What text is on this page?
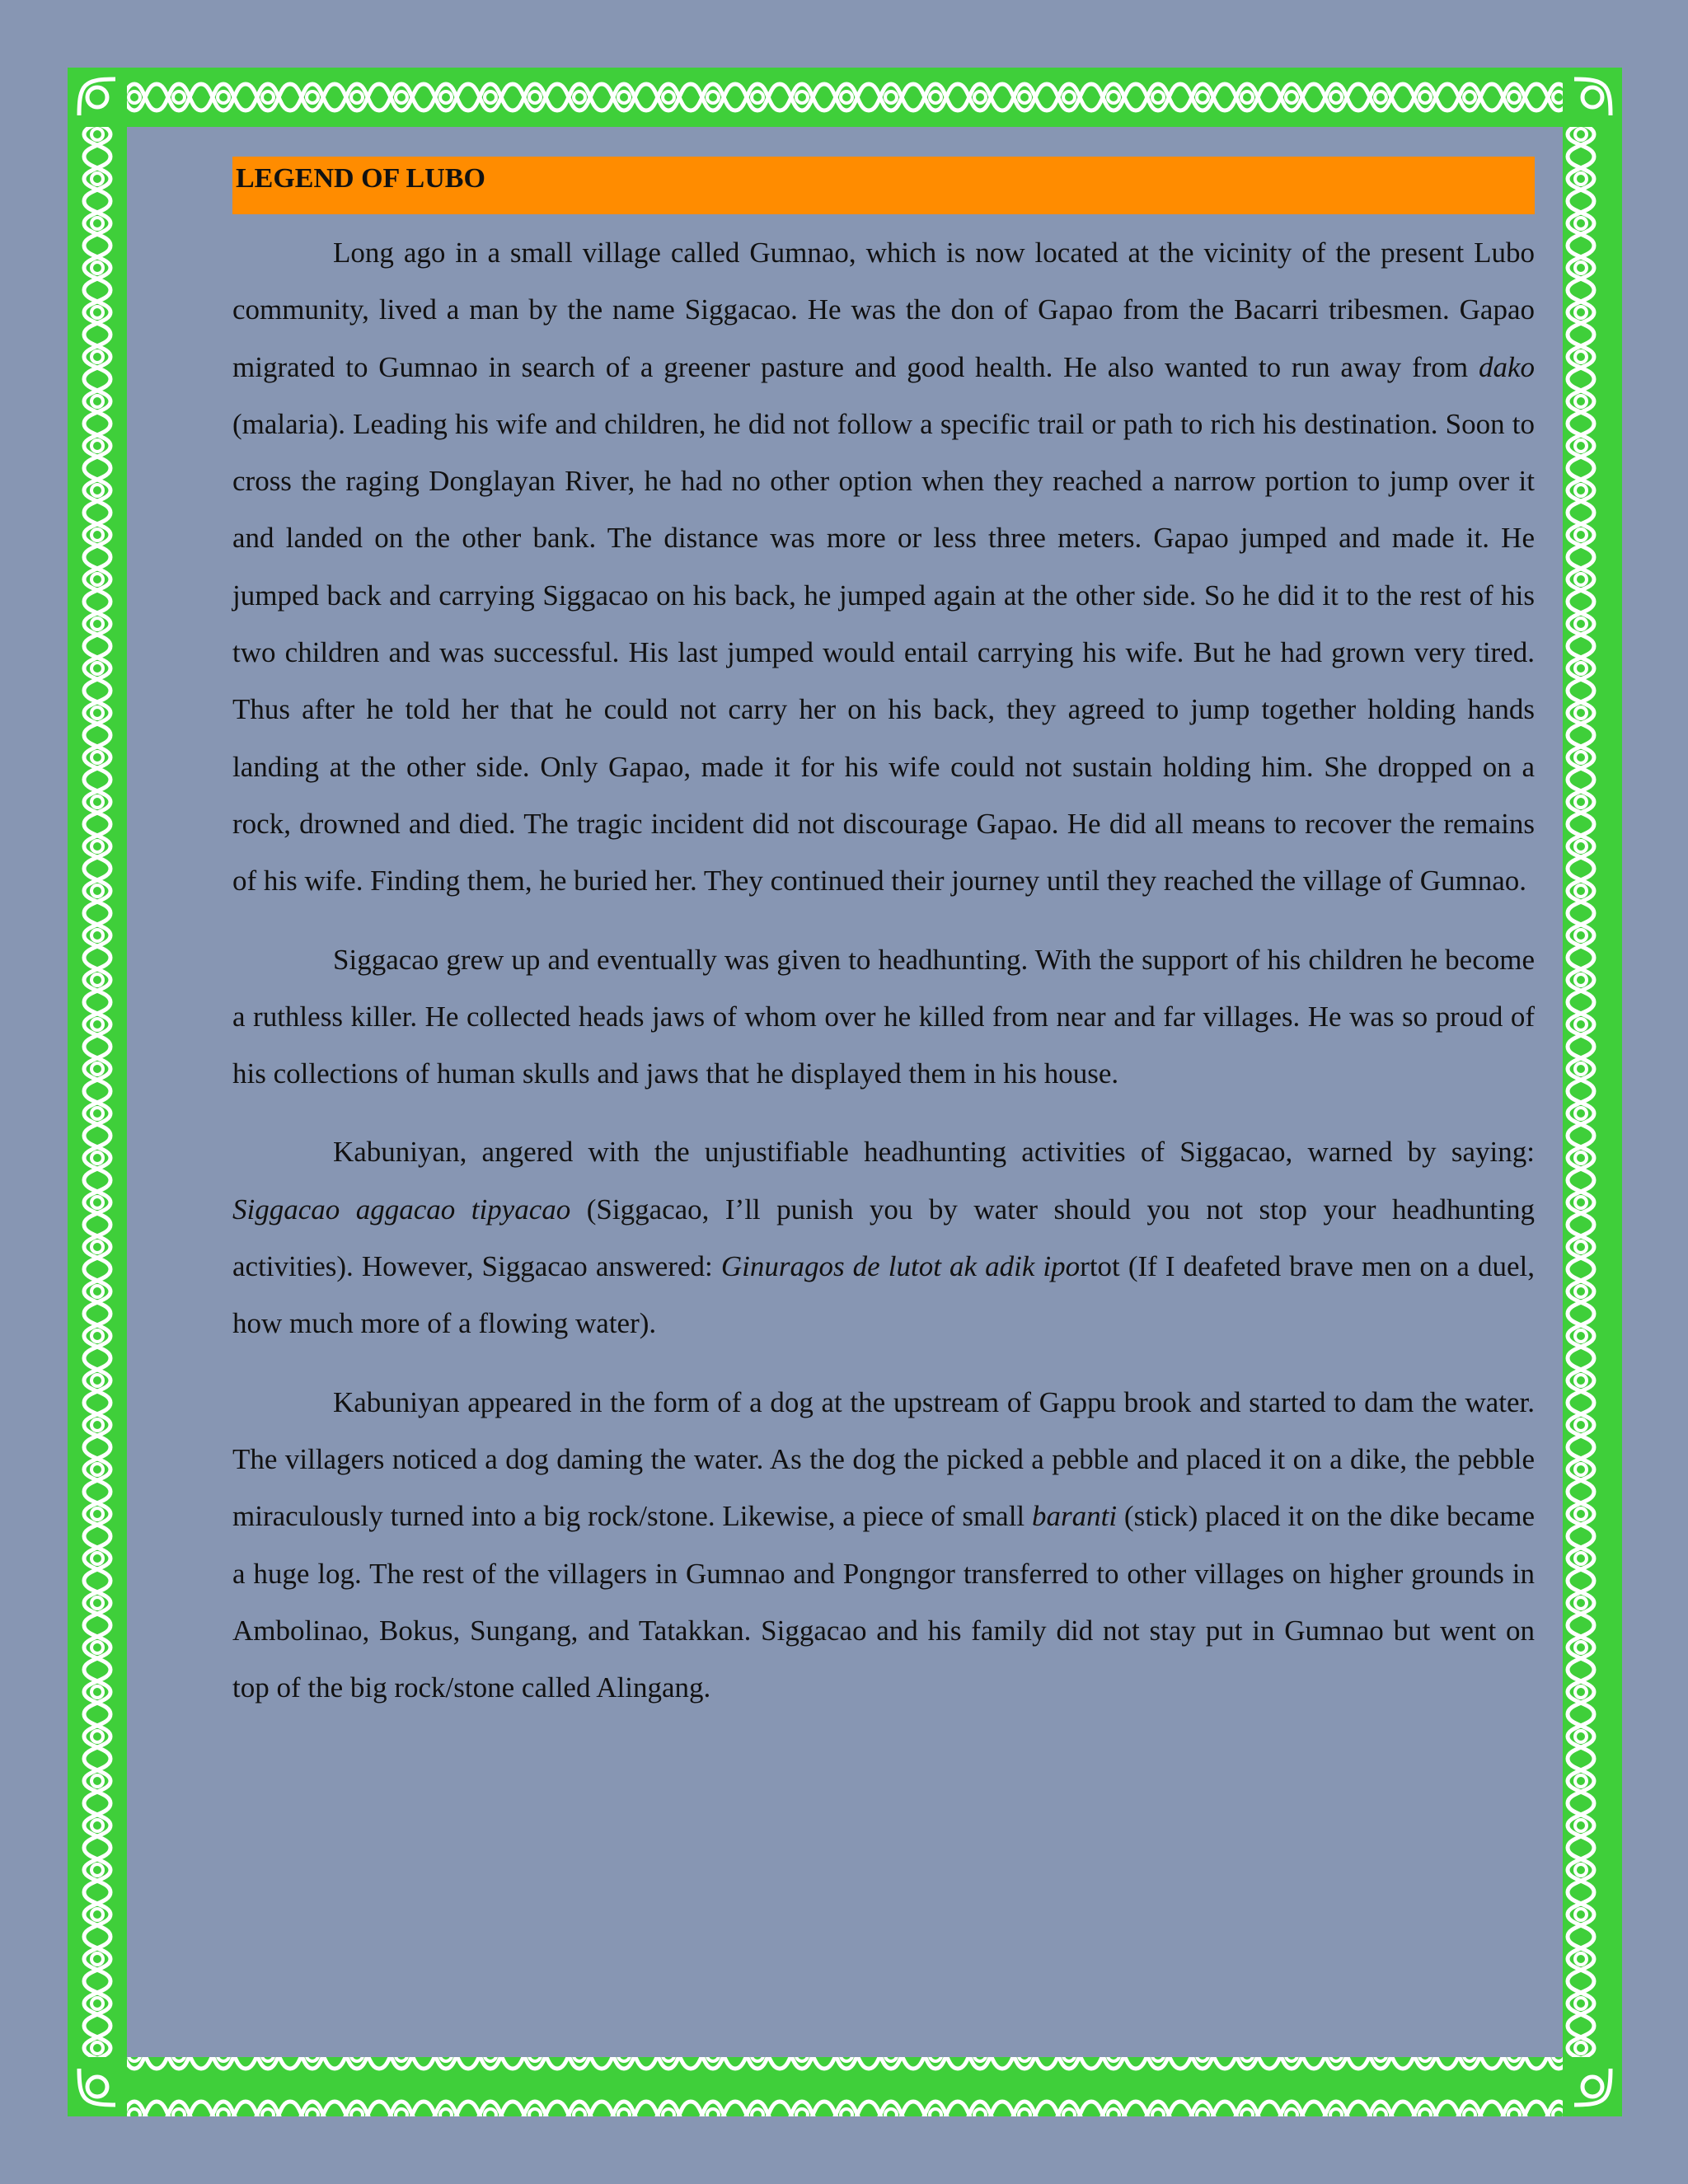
LEGEND OF LUBO

Long ago in a small village called Gumnao, which is now located at the vicinity of the present Lubo community, lived a man by the name Siggacao. He was the don of Gapao from the Bacarri tribesmen. Gapao migrated to Gumnao in search of a greener pasture and good health. He also wanted to run away from dako (malaria). Leading his wife and children, he did not follow a specific trail or path to rich his destination. Soon to cross the raging Donglayan River, he had no other option when they reached a narrow portion to jump over it and landed on the other bank. The distance was more or less three meters. Gapao jumped and made it. He jumped back and carrying Siggacao on his back, he jumped again at the other side. So he did it to the rest of his two children and was successful. His last jumped would entail carrying his wife. But he had grown very tired. Thus after he told her that he could not carry her on his back, they agreed to jump together holding hands landing at the other side. Only Gapao, made it for his wife could not sustain holding him. She dropped on a rock, drowned and died. The tragic incident did not discourage Gapao. He did all means to recover the remains of his wife. Finding them, he buried her. They continued their journey until they reached the village of Gumnao.

Siggacao grew up and eventually was given to headhunting. With the support of his children he become a ruthless killer. He collected heads jaws of whom over he killed from near and far villages. He was so proud of his collections of human skulls and jaws that he displayed them in his house.

Kabuniyan, angered with the unjustifiable headhunting activities of Siggacao, warned by saying: Siggacao aggacao tipyacao (Siggacao, I’ll punish you by water should you not stop your headhunting activities). However, Siggacao answered: Ginuragos de lutot ak adik iportot (If I deafeted brave men on a duel, how much more of a flowing water).

Kabuniyan appeared in the form of a dog at the upstream of Gappu brook and started to dam the water. The villagers noticed a dog daming the water. As the dog the picked a pebble and placed it on a dike, the pebble miraculously turned into a big rock/stone. Likewise, a piece of small baranti (stick) placed it on the dike became a huge log. The rest of the villagers in Gumnao and Pongngor transferred to other villages on higher grounds in Ambolinao, Bokus, Sungang, and Tatakkan. Siggacao and his family did not stay put in Gumnao but went on top of the big rock/stone called Alingang.
